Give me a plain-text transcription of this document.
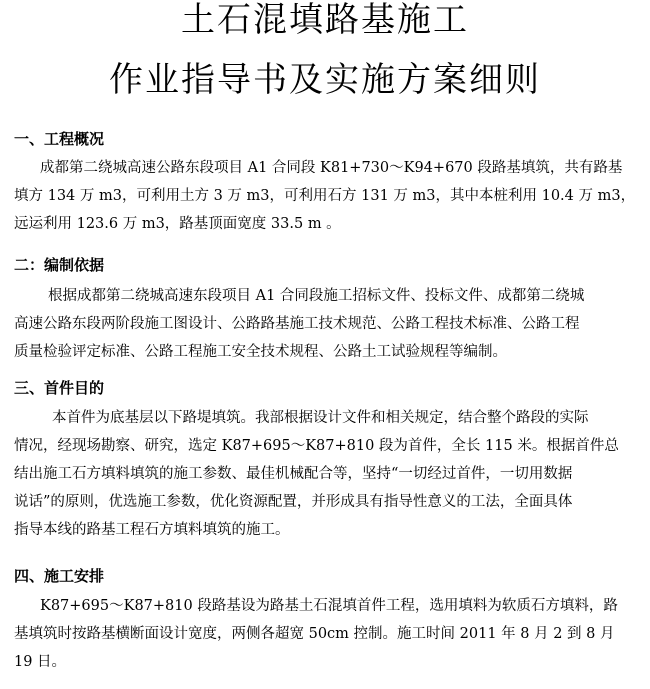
土石混填路基施工
作业指导书及实施方案细则
一、工程概况
成都第二绕城高速公路东段项目 A1 合同段 K81+730～K94+670 段路基填筑，共有路基
填方 134 万 m3，可利用土方 3 万 m3，可利用石方 131 万 m3，其中本桩利用 10.4 万 m3，
远运利用 123.6 万 m3，路基顶面宽度 33.5 m 。
二：编制依据
根据成都第二绕城高速东段项目 A1 合同段施工招标文件、投标文件、成都第二绕城
高速公路东段两阶段施工图设计、公路路基施工技术规范、公路工程技术标准、公路工程
质量检验评定标准、公路工程施工安全技术规程、公路土工试验规程等编制。
三、首件目的
本首件为底基层以下路堤填筑。我部根据设计文件和相关规定，结合整个路段的实际
情况，经现场勘察、研究，选定 K87+695～K87+810 段为首件，全长 115 米。根据首件总
结出施工石方填料填筑的施工参数、最佳机械配合等，坚持“一切经过首件，一切用数据
说话”的原则，优选施工参数，优化资源配置，并形成具有指导性意义的工法，全面具体
指导本线的路基工程石方填料填筑的施工。
四、施工安排
K87+695～K87+810 段路基设为路基土石混填首件工程，选用填料为软质石方填料，路
基填筑时按路基横断面设计宽度，两侧各超宽 50cm 控制。施工时间 2011 年 8 月 2 到 8 月
19 日。
